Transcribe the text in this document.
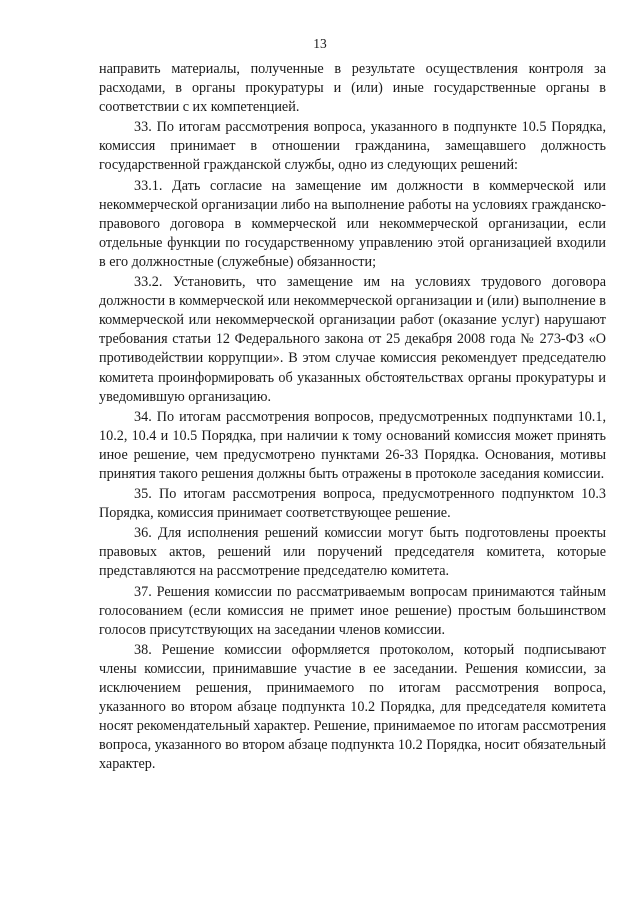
13

направить материалы, полученные в результате осуществления контроля за расходами, в органы прокуратуры и (или) иные государственные органы в соответствии с их компетенцией.

33. По итогам рассмотрения вопроса, указанного в подпункте 10.5 Порядка, комиссия принимает в отношении гражданина, замещавшего должность государственной гражданской службы, одно из следующих решений:

33.1. Дать согласие на замещение им должности в коммерческой или некоммерческой организации либо на выполнение работы на условиях гражданско-правового договора в коммерческой или некоммерческой организации, если отдельные функции по государственному управлению этой организацией входили в его должностные (служебные) обязанности;

33.2. Установить, что замещение им на условиях трудового договора должности в коммерческой или некоммерческой организации и (или) выполнение в коммерческой или некоммерческой организации работ (оказание услуг) нарушают требования статьи 12 Федерального закона от 25 декабря 2008 года № 273-ФЗ «О противодействии коррупции». В этом случае комиссия рекомендует председателю комитета проинформировать об указанных обстоятельствах органы прокуратуры и уведомившую организацию.

34. По итогам рассмотрения вопросов, предусмотренных подпунктами 10.1, 10.2, 10.4 и 10.5 Порядка, при наличии к тому оснований комиссия может принять иное решение, чем предусмотрено пунктами 26-33 Порядка. Основания, мотивы принятия такого решения должны быть отражены в протоколе заседания комиссии.

35. По итогам рассмотрения вопроса, предусмотренного подпунктом 10.3 Порядка, комиссия принимает соответствующее решение.

36. Для исполнения решений комиссии могут быть подготовлены проекты правовых актов, решений или поручений председателя комитета, которые представляются на рассмотрение председателю комитета.

37. Решения комиссии по рассматриваемым вопросам принимаются тайным голосованием (если комиссия не примет иное решение) простым большинством голосов присутствующих на заседании членов комиссии.

38. Решение комиссии оформляется протоколом, который подписывают члены комиссии, принимавшие участие в ее заседании. Решения комиссии, за исключением решения, принимаемого по итогам рассмотрения вопроса, указанного во втором абзаце подпункта 10.2 Порядка, для председателя комитета носят рекомендательный характер. Решение, принимаемое по итогам рассмотрения вопроса, указанного во втором абзаце подпункта 10.2 Порядка, носит обязательный характер.
